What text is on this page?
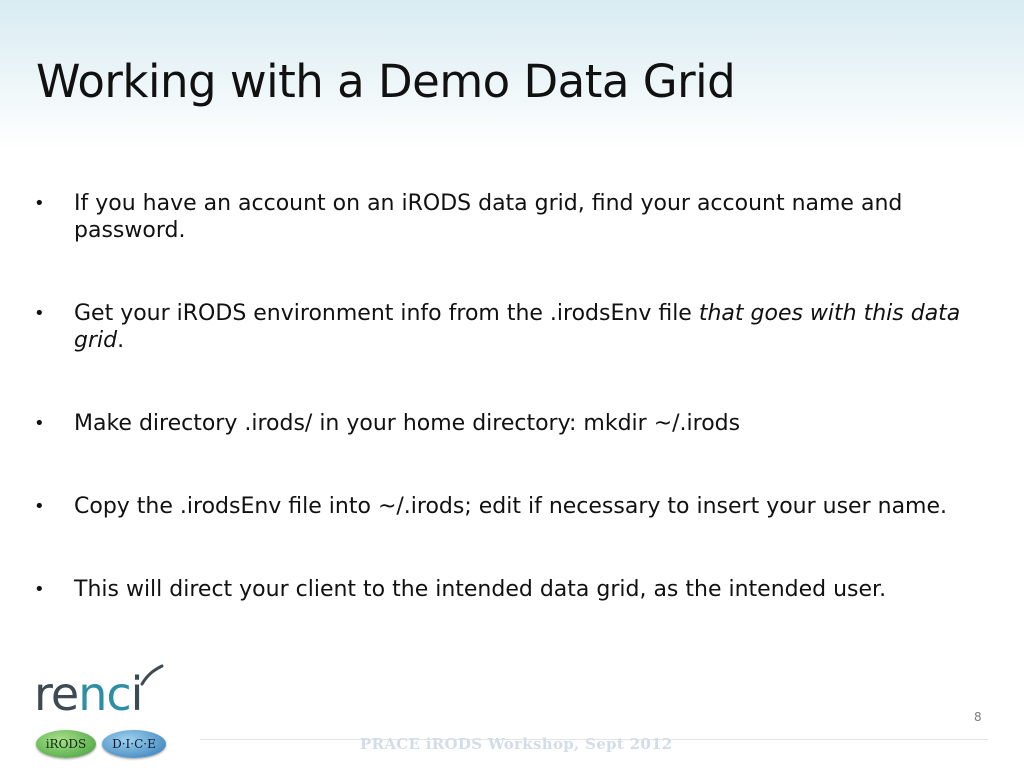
Working with a Demo Data Grid
• If you have an account on an iRODS data grid, find your account name and password.
• Get your iRODS environment info from the .irodsEnv file that goes with this data grid.
• Make directory .irods/ in your home directory: mkdir ~/.irods
• Copy the .irodsEnv file into ~/.irods; edit if necessary to insert your user name.
• This will direct your client to the intended data grid, as the intended user.
renci
iRODS	D·I·C·E
8
PRACE iRODS Workshop, Sept 2012
